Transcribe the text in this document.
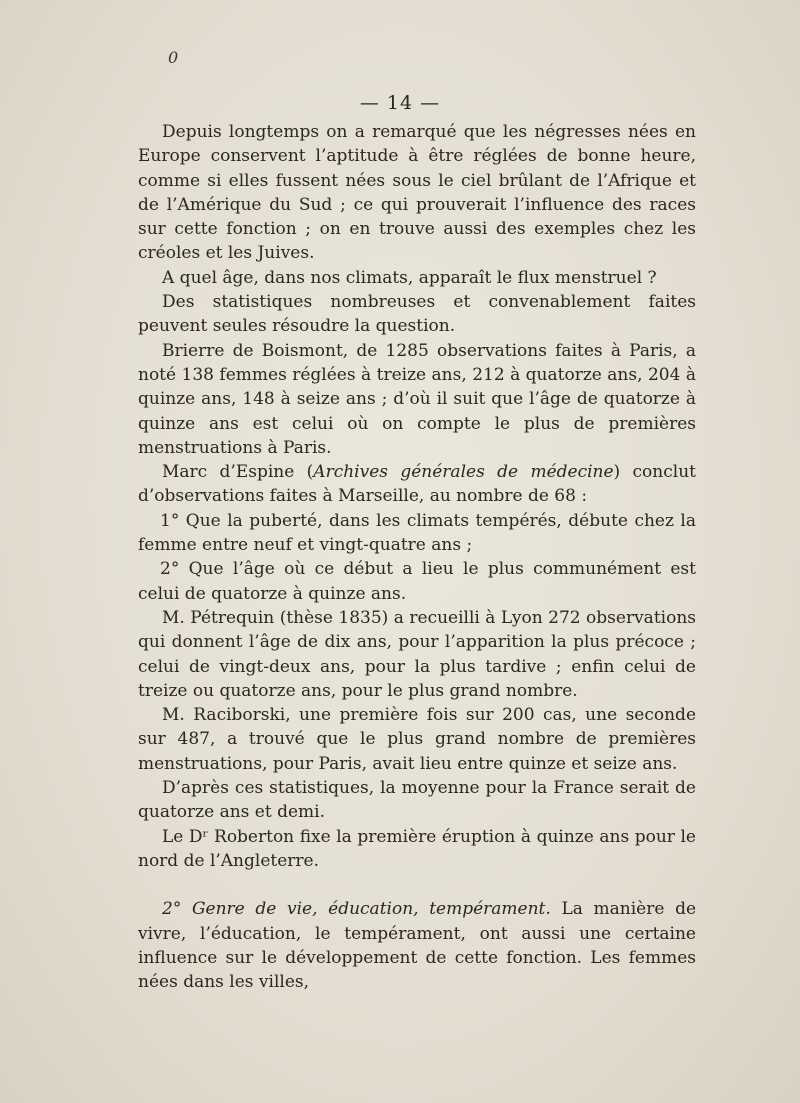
0
— 14 —

Depuis longtemps on a remarqué que les négresses nées en Europe conservent l’aptitude à être réglées de bonne heure, comme si elles fussent nées sous le ciel brûlant de l’Afrique et de l’Amérique du Sud ; ce qui prouverait l’influence des races sur cette fonction ; on en trouve aussi des exemples chez les créoles et les Juives.

A quel âge, dans nos climats, apparaît le flux menstruel ?

Des statistiques nombreuses et convenablement faites peuvent seules résoudre la question.

Brierre de Boismont, de 1285 observations faites à Paris, a noté 138 femmes réglées à treize ans, 212 à quatorze ans, 204 à quinze ans, 148 à seize ans ; d’où il suit que l’âge de quatorze à quinze ans est celui où on compte le plus de premières menstruations à Paris.

Marc d’Espine (Archives générales de médecine) conclut d’observations faites à Marseille, au nombre de 68 :

1° Que la puberté, dans les climats tempérés, débute chez la femme entre neuf et vingt-quatre ans ;

2° Que l’âge où ce début a lieu le plus communément est celui de quatorze à quinze ans.

M. Pétrequin (thèse 1835) a recueilli à Lyon 272 observations qui donnent l’âge de dix ans, pour l’apparition la plus précoce ; celui de vingt-deux ans, pour la plus tardive ; enfin celui de treize ou quatorze ans, pour le plus grand nombre.

M. Raciborski, une première fois sur 200 cas, une seconde sur 487, a trouvé que le plus grand nombre de premières menstruations, pour Paris, avait lieu entre quinze et seize ans.

D’après ces statistiques, la moyenne pour la France serait de quatorze ans et demi.

Le Dʳ Roberton fixe la première éruption à quinze ans pour le nord de l’Angleterre.

2° Genre de vie, éducation, tempérament. La manière de vivre, l’éducation, le tempérament, ont aussi une certaine influence sur le développement de cette fonction. Les femmes nées dans les villes,
